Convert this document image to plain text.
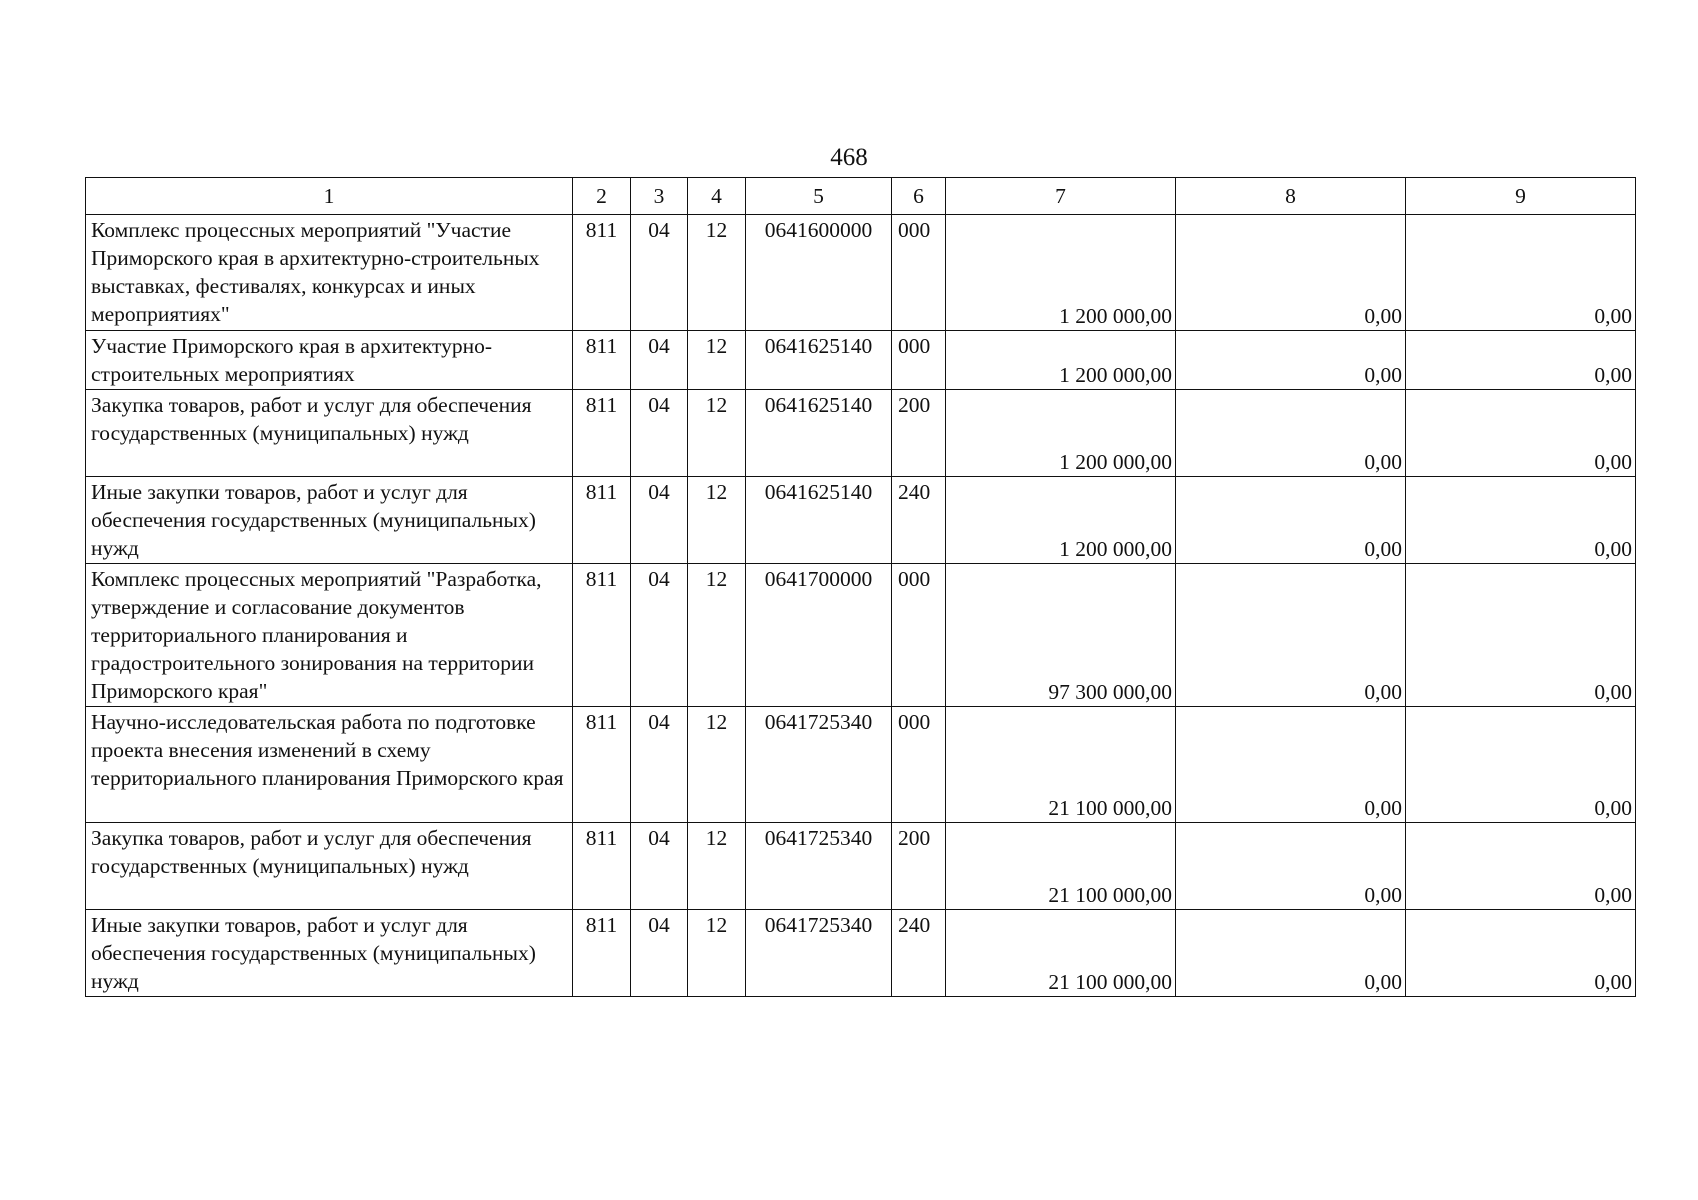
468
1	2	3	4	5	6	7	8	9
Комплекс процессных мероприятий "Участие Приморского края в архитектурно-строительных выставках, фестивалях, конкурсах и иных мероприятиях"	811	04	12	0641600000	000	1 200 000,00	0,00	0,00
Участие Приморского края в архитектурно-строительных мероприятиях	811	04	12	0641625140	000	1 200 000,00	0,00	0,00
Закупка товаров, работ и услуг для обеспечения государственных (муниципальных) нужд	811	04	12	0641625140	200	1 200 000,00	0,00	0,00
Иные закупки товаров, работ и услуг для обеспечения государственных (муниципальных) нужд	811	04	12	0641625140	240	1 200 000,00	0,00	0,00
Комплекс процессных мероприятий "Разработка, утверждение и согласование документов территориального планирования и градостроительного зонирования на территории Приморского края"	811	04	12	0641700000	000	97 300 000,00	0,00	0,00
Научно-исследовательская работа по подготовке проекта внесения изменений в схему территориального планирования Приморского края	811	04	12	0641725340	000	21 100 000,00	0,00	0,00
Закупка товаров, работ и услуг для обеспечения государственных (муниципальных) нужд	811	04	12	0641725340	200	21 100 000,00	0,00	0,00
Иные закупки товаров, работ и услуг для обеспечения государственных (муниципальных) нужд	811	04	12	0641725340	240	21 100 000,00	0,00	0,00
